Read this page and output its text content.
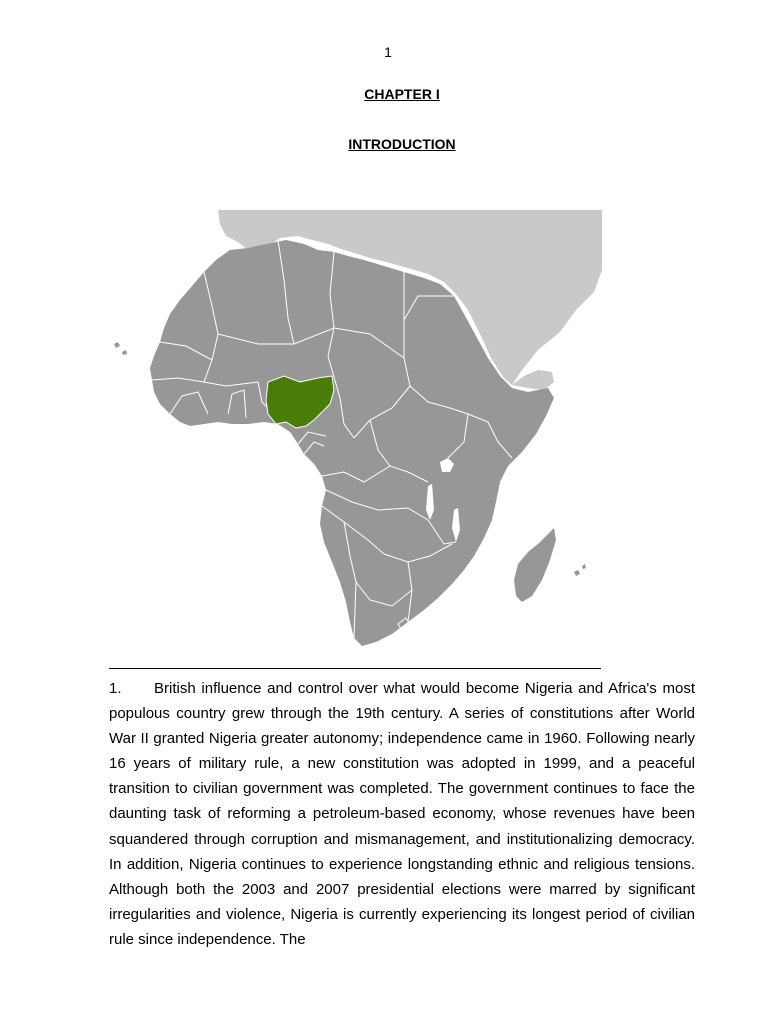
1
CHAPTER I
INTRODUCTION
1. British influence and control over what would become Nigeria and Africa's most populous country grew through the 19th century. A series of constitutions after World War II granted Nigeria greater autonomy; independence came in 1960. Following nearly 16 years of military rule, a new constitution was adopted in 1999, and a peaceful transition to civilian government was completed. The government continues to face the daunting task of reforming a petroleum-based economy, whose revenues have been squandered through corruption and mismanagement, and institutionalizing democracy. In addition, Nigeria continues to experience longstanding ethnic and religious tensions. Although both the 2003 and 2007 presidential elections were marred by significant irregularities and violence, Nigeria is currently experiencing its longest period of civilian rule since independence. The
